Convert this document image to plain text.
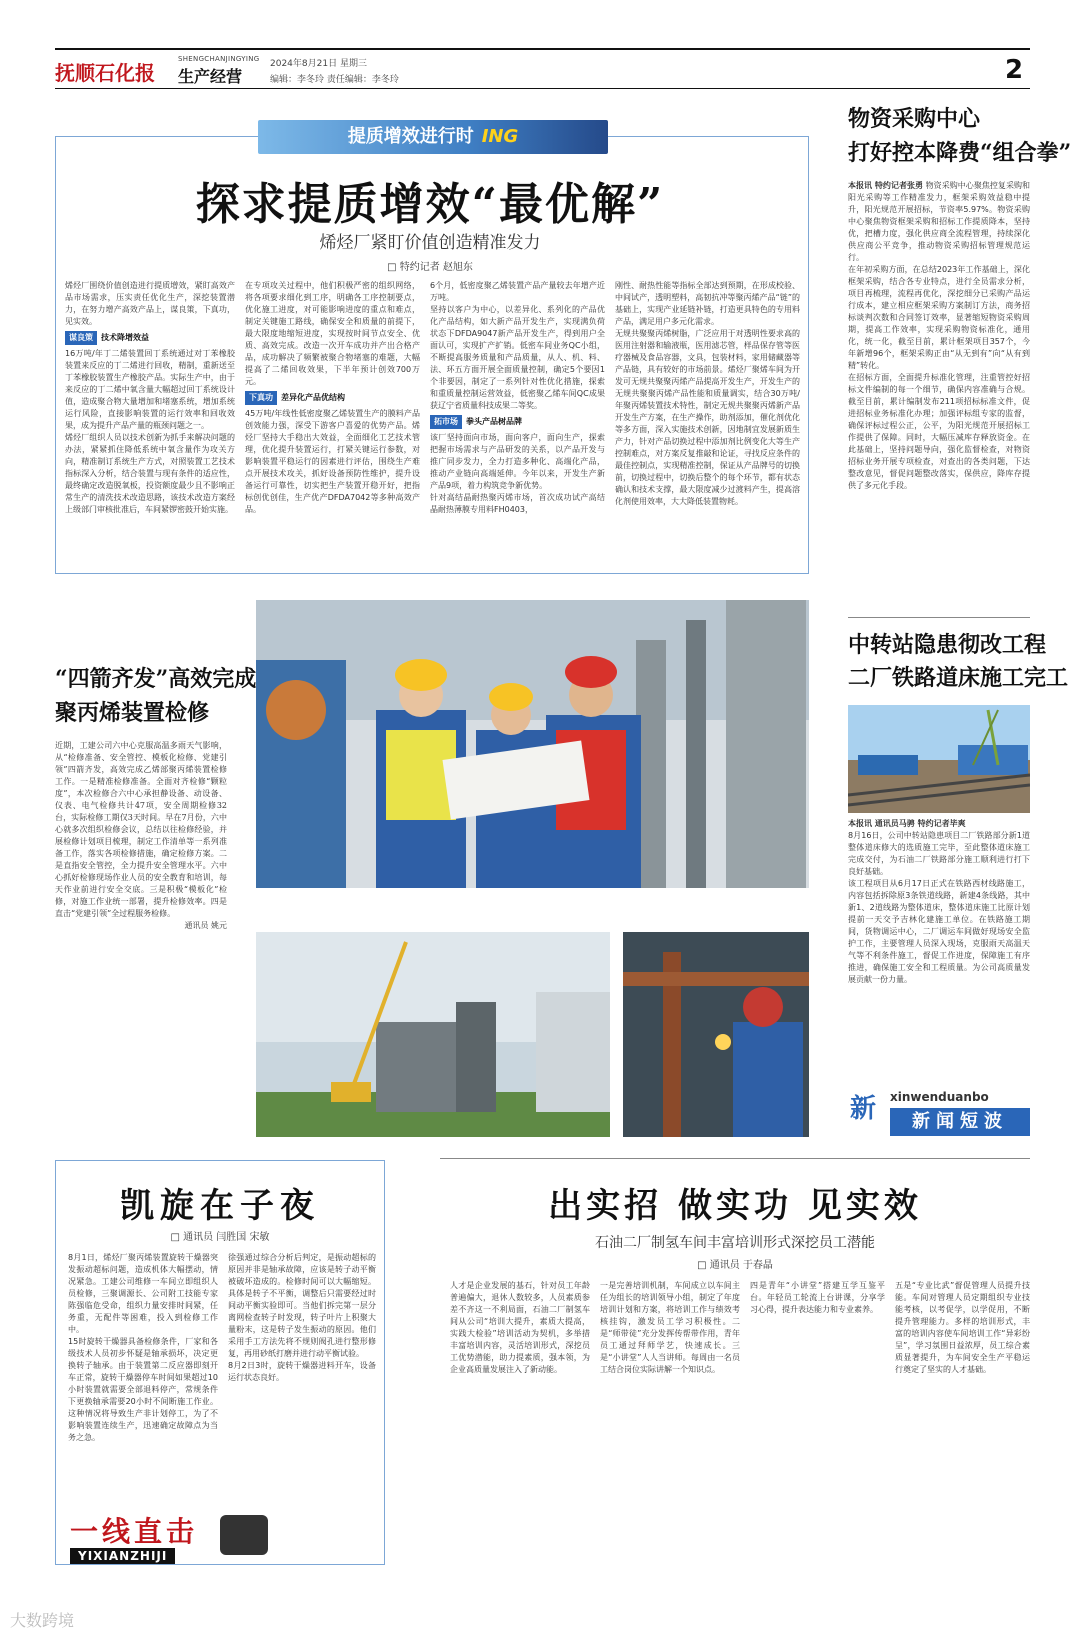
抚顺石化报
SHENGCHANJINGYING
生产经营
2024年8月21日 星期三
编辑：李冬玲 责任编辑：李冬玲	2
提质增效进行时 ING
探求提质增效“最优解”
烯烃厂紧盯价值创造精准发力
□ 特约记者 赵旭东

烯烃厂围绕价值创造进行提质增效，紧盯高效产品市场需求，压实责任优化生产，深挖装置潜力，在努力增产高效产品上，谋良策，下真功，见实效。

谋良策 技术降增效益

16万吨/年丁二烯装置回丁系统通过对丁苯橡胶装置来反应的丁二烯进行回收，精制，重新送至丁苯橡胶装置生产橡胶产品。实际生产中，由于来反应的丁二烯中氧含量大幅超过回丁系统设计值，造成聚合物大量增加和堵塞系统，增加系统运行风险，直接影响装置的运行效率和回收效果，成为提升产品产量的瓶颈问题之一。

烯烃厂组织人员以技术创新为抓手来解决问题的办法，紧紧抓住降低系统中氧含量作为攻关方向，精准制订系统生产方式，对照装置工艺技术指标深入分析，结合装置与现有条件的适应性，最终确定改造脱氧板，投资额度最少且不影响正常生产的清洗技术改造思路，该技术改造方案经上级部门审核批准后，车间紧锣密鼓开始实施。

在专项攻关过程中，他们积极严密的组织网络，将各项要求细化到工序，明确各工序控制要点，优化施工进度，对可能影响进度的重点和难点，制定关键施工路线，确保安全和质量的前提下，最大限度地缩短进度，实现按时间节点安全、优质、高效完成。改造一次开车成功并产出合格产品，成功解决了频繁被聚合物堵塞的难题，大幅提高了二烯回收效果，下半年预计创效700万元。

下真功 差异化产品优结构

45万吨/年线性低密度聚乙烯装置生产的膜料产品创效能力强，深受下游客户喜爱的优势产品。烯烃厂坚持大手稳出大效益，全面细化工艺技术管理，优化提升装置运行，打紧关键运行参数，对影响装置平稳运行的因素进行评估，围绕生产难点开展技术攻关，抓好设备预防性维护，提升设备运行可靠性，切实把生产装置开稳开好，把指标创优创佳，生产优产DFDA7042等多种高效产品。

6个月，低密度聚乙烯装置产品产量较去年增产近万吨。

坚持以客户为中心，以差异化、系列化的产品优化产品结构，如大新产品开发生产，实现满负荷状态下DFDA9047新产品开发生产，得到用户全面认可，实现扩产扩销。低密车间业务QC小组，不断提高服务质量和产品质量，从人、机、料、法、环五方面开展全面质量控制，确定5个要因1个非要因，制定了一系列针对性优化措施，探索和重质量控制运营效益，低密聚乙烯车间QC成果获辽宁省质量科技成果二等奖。

拓市场 拳头产品树品牌

该厂坚持面向市场，面向客户，面向生产，探索把握市场需求与产品研发的关系，以产品开发与推广同步发力，全力打造多种化、高端化产品，推动产业链向高端延伸。今年以来，开发生产新产品9项，着力构筑竞争新优势。

针对高结晶耐热聚丙烯市场，首次成功试产高结晶耐热薄膜专用料FH0403，

刚性、耐热性能等指标全部达到预期，在形成校验、中间试产，透明塑料，高韧抗冲等聚丙烯产品“链”的基础上，实现产业延链补链，打造更具特色的专用料产品，满足用户多元化需求。

无规共聚聚丙烯树脂，广泛应用于对透明性要求高的医用注射器和输液瓶，医用滤芯管，样品保存管等医疗器械及食品容器，文具，包装材料，家用储藏器等产品链，具有较好的市场前景。烯烃厂聚烯车间为开发可无规共聚聚丙烯产品提高开发生产，开发生产的无规共聚聚丙烯产品性能和质量调实，结合30万吨/年聚丙烯装置技术特性，制定无规共聚聚丙烯新产品开发生产方案，在生产操作，助剂添加，催化剂优化等多方面，深入实施技术创新，因地制宜发展新质生产力，针对产品切换过程中添加剂比例变化大等生产控制难点，对方案反复推敲和论证，寻找反应条件的最佳控制点，实现精准控制，保证从产品牌号的切换前，切换过程中，切换后整个的每个环节，都有状态确认和技术支撑，最大限度减少过渡料产生，提高溶化剂使用效率，大大降低装置物耗。

物资采购中心
打好控本降费“组合拳”

本报讯 特约记者张勇 物资采购中心聚焦控复采购和阳光采购等工作精准发力，框架采购效益稳中提升，阳光规范开展招标，节资率5.97%。物资采购中心聚焦物资框架采购和招标工作提质降本，坚持优，把槽力度，强化供应商全流程管理，持续深化供应商公平竞争，推动物资采购招标管理规范运行。

在年初采购方面，在总结2023年工作基础上，深化框架采购，结合各专业特点，进行全员需求分析，项目再梳理，流程再优化，深挖细分已采购产品运行成本，建立相应框架采购方案制订方法，商务招标谈判次数和合同签订效率，显著缩短物资采购周期，提高工作效率，实现采购物资标准化，通用化，统一化，截至目前，累计框架项目357个，今年新增96个，框架采购正由“从无到有”向“从有到精”转化。

在招标方面，全面提升标准化管理，注重管控好招标文件编制的每一个细节，确保内容准确与合规。截至目前，累计编制发布211项招标标准文件，促进招标业务标准化办理；加强评标组专家的监督，确保评标过程公正，公平，为阳光规范开展招标工作提供了保障。同时，大幅压减库存释放资金。在此基础上，坚持问题导向，强化监督检查，对物资招标业务开展专项检查，对查出的各类问题，下达整改意见，督促问题整改落实，保供应，降库存提供了多元化手段。

中转站隐患彻改工程
二厂铁路道床施工完工

本报讯 通讯员马骋 特约记者毕爽

8月16日，公司中转站隐患项目二厂铁路部分新1道整体道床修大的选质施工完毕，至此整体道床施工完成交付，为石油二厂铁路部分施工顺利进行打下良好基础。

该工程项目从6月17日正式在铁路西材线路施工，内容包括拆除原3条铁道线路，新建4条线路，其中新1、2道线路为整体道床，整体道床施工比原计划提前一天交予吉林化建施工单位。在铁路施工期间，货物调运中心，二厂调运车间做好现场安全监护工作，主要管理人员深入现场，克服雨天高温天气等不利条件施工，督促工作进度，保障施工有序推进，确保施工安全和工程质量。为公司高质量发展贡献一份力量。

新 xinwenduanbo
新闻短波
“四箭齐发”高效完成
聚丙烯装置检修

近期，工建公司六中心克服高温多雨天气影响，从“检修准备、安全管控、模板化检修、党建引领”四箭齐发，高效完成乙烯部聚丙烯装置检修工作。一是精准检修准备。全面对齐检修“颗粒度”，本次检修合六中心承担静设备、动设备、仪表、电气检修共计47项，安全周期检修32台，实际检修工期仅3天时间。早在7月份，六中心就多次组织检修会议，总结以往检修经验，并展检修计划项目梳理，制定工作清单等一系列准备工作，落实各项检修措施，确定检修方案。二是直指安全管控，全力提升安全管理水平。六中心抓好检修现场作业人员的安全教育和培训，每天作业前进行安全交底。三是积极“模板化”检修，对施工作业统一部署，提升检修效率。四是直击“党建引领”全过程服务检修。

通讯员 姚元

凯旋在子夜
□ 通讯员 闫胜国 宋敏

8月1日，烯烃厂聚丙烯装置旋转干燥器突发振动超标问题，造成机体大幅摆动，情况紧急。工建公司维修一车间立即组织人员检修，三聚调源长、公司附工技能专家陈强临危受命，组织力量安排时间紧，任务重，无配件等困难，投入到检修工作中。

15时旋转干燥器具备检修条件，厂家和各级技术人员初步怀疑是轴承损坏，决定更换转子轴承。由于装置第二反应器即刻开车正常，旋转干燥器停车时间如果超过10小时装置就需要全部退料停产，常规条件下更换轴承需要20小时不间断施工作业。这种情况将导致生产非计划停工，为了不影响装置连续生产，迅速确定故障点为当务之急。

徐强通过综合分析后判定，是振动超标的原因并非是轴承故障，应该是转子动平衡被破坏造成的。检修时间可以大幅缩短。具体是转子不平衡，调整后只需要经过时间动平衡实验即可。当他们拆完第一层分离网检查转子时发现，转子叶片上积聚大量粉末，这是转子发生振动的原因。他们采用手工方法先将不规则阀孔进行整形修复，再用砂纸打磨并进行动平衡试验。

8月2日3时，旋转干燥器进料开车，设备运行状态良好。

一线直击
YIXIANZHIJI
出实招 做实功 见实效
石油二厂制氢车间丰富培训形式深挖员工潜能
□ 通讯员 于春晶

人才是企业发展的基石，针对员工年龄普遍偏大，退休人数较多，人员素质参差不齐这一不利局面，石油二厂制氢车间从公司“培训大提升，素质大提高，实践大检验”培训活动为契机，多举措丰富培训内容，灵活培训形式，深挖员工优势潜能，助力提素质，强本领，为企业高质量发展注入了新动能。

一是完善培训机制，车间成立以车间主任为组长的培训领导小组，制定了年度培训计划和方案，将培训工作与绩效考核挂钩，激发员工学习积极性。二是“师带徒”充分发挥传帮带作用，青年员工通过拜师学艺，快速成长。三是“小讲堂”人人当讲师。每周由一名员工结合岗位实际讲解一个知识点。

四是青年“小讲堂”搭建互学互鉴平台。年轻员工轮流上台讲课，分享学习心得，提升表达能力和专业素养。

五是“专业比武”督促管理人员提升技能。车间对管理人员定期组织专业技能考核，以考促学，以学促用，不断提升管理能力。多样的培训形式，丰富的培训内容使车间培训工作“异彩纷呈”，学习氛围日益浓厚，员工综合素质显著提升，为车间安全生产平稳运行奠定了坚实的人才基础。

大数跨境
